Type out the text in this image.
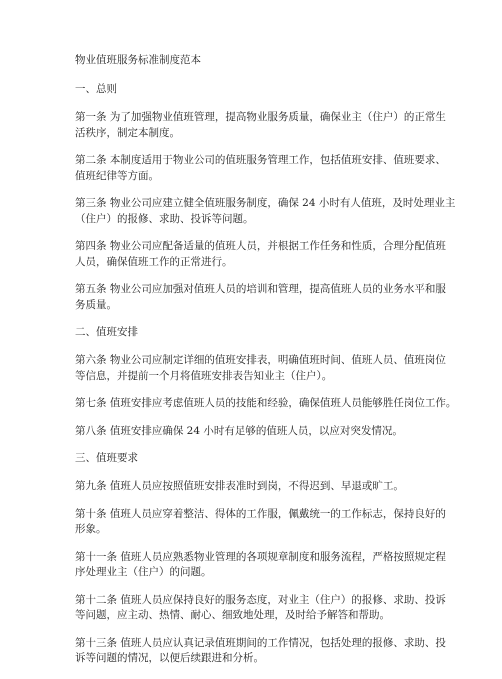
物业值班服务标准制度范本
一、总则
第一条 为了加强物业值班管理，提高物业服务质量，确保业主（住户）的正常生
活秩序，制定本制度。
第二条 本制度适用于物业公司的值班服务管理工作，包括值班安排、值班要求、
值班纪律等方面。
第三条 物业公司应建立健全值班服务制度，确保 24 小时有人值班，及时处理业主
（住户）的报修、求助、投诉等问题。
第四条 物业公司应配备适量的值班人员，并根据工作任务和性质，合理分配值班
人员，确保值班工作的正常进行。
第五条 物业公司应加强对值班人员的培训和管理，提高值班人员的业务水平和服
务质量。
二、值班安排
第六条 物业公司应制定详细的值班安排表，明确值班时间、值班人员、值班岗位
等信息，并提前一个月将值班安排表告知业主（住户）。
第七条 值班安排应考虑值班人员的技能和经验，确保值班人员能够胜任岗位工作。
第八条 值班安排应确保 24 小时有足够的值班人员，以应对突发情况。
三、值班要求
第九条 值班人员应按照值班安排表准时到岗，不得迟到、早退或旷工。
第十条 值班人员应穿着整洁、得体的工作服，佩戴统一的工作标志，保持良好的
形象。
第十一条 值班人员应熟悉物业管理的各项规章制度和服务流程，严格按照规定程
序处理业主（住户）的问题。
第十二条 值班人员应保持良好的服务态度，对业主（住户）的报修、求助、投诉
等问题，应主动、热情、耐心、细致地处理，及时给予解答和帮助。
第十三条 值班人员应认真记录值班期间的工作情况，包括处理的报修、求助、投
诉等问题的情况，以便后续跟进和分析。
